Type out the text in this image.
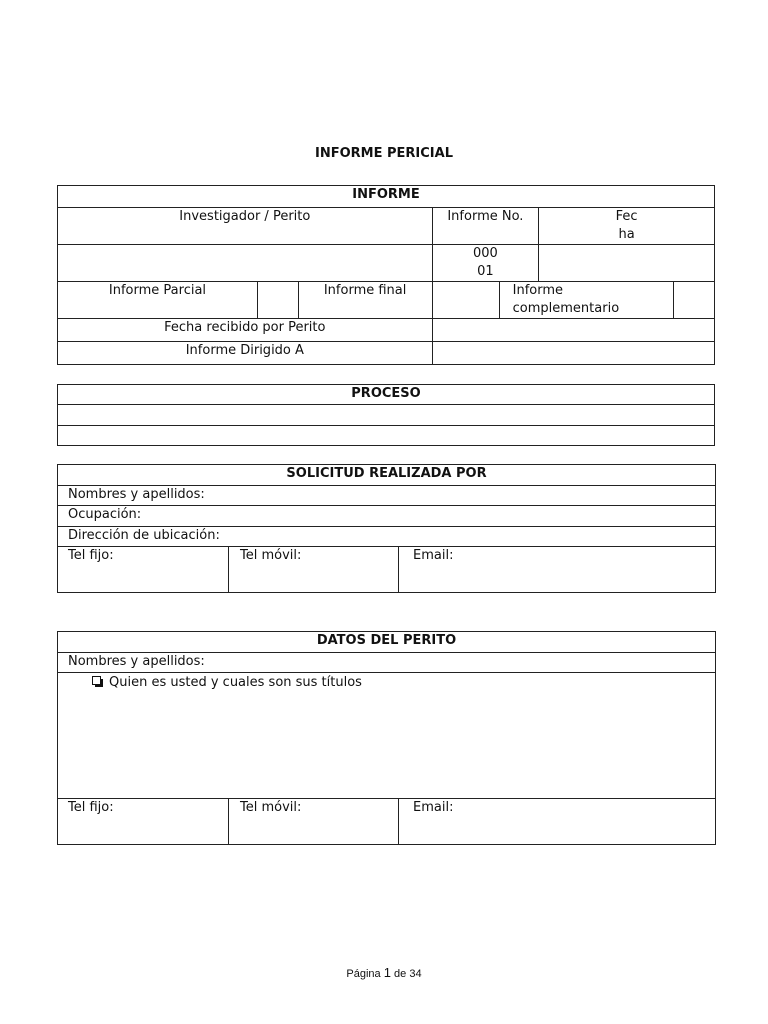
INFORME PERICIAL
INFORME						
Investigador / Perito			Informe No.		Fec
ha	
			000
01			
Informe Parcial		Informe final		Informe
complementario		
Fecha recibido por Perito						
Informe Dirigido A						
PROCESO

SOLICITUD REALIZADA POR
Nombres y apellidos:
Ocupación:
Dirección de ubicación:
Tel fijo:	Tel móvil:	Email:
DATOS DEL PERITO
Nombres y apellidos:
Quien es usted y cuales son sus títulos
Tel fijo:	Tel móvil:	Email:
Página 1 de 34
